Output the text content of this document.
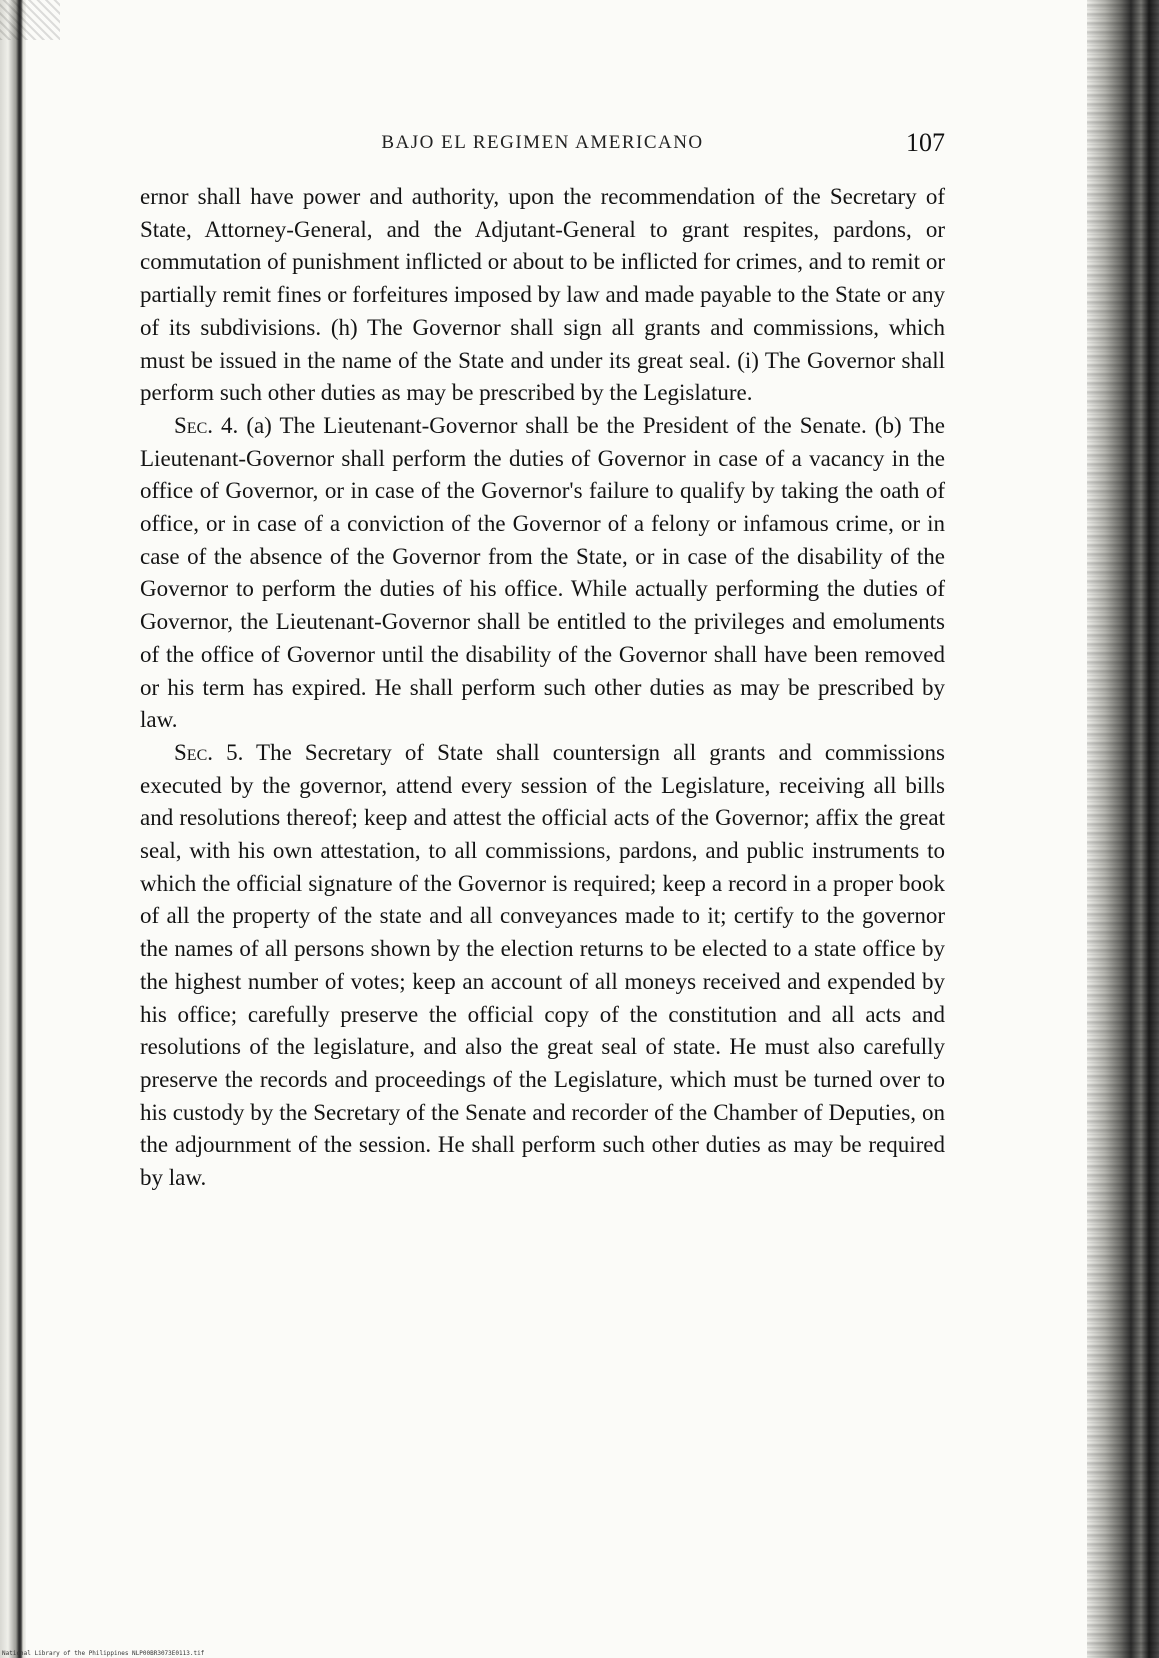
BAJO EL REGIMEN AMERICANO	107

ernor shall have power and authority, upon the recommendation of the Secretary of State, Attorney-General, and the Adjutant-General to grant respites, pardons, or commutation of punishment inflicted or about to be inflicted for crimes, and to remit or partially remit fines or forfeitures imposed by law and made payable to the State or any of its subdivisions. (h) The Governor shall sign all grants and commissions, which must be issued in the name of the State and under its great seal. (i) The Governor shall perform such other duties as may be prescribed by the Legislature.

Sec. 4. (a) The Lieutenant-Governor shall be the President of the Senate. (b) The Lieutenant-Governor shall perform the duties of Governor in case of a vacancy in the office of Governor, or in case of the Governor's failure to qualify by taking the oath of office, or in case of a conviction of the Governor of a felony or infamous crime, or in case of the absence of the Governor from the State, or in case of the disability of the Governor to perform the duties of his office. While actually performing the duties of Governor, the Lieutenant-Governor shall be entitled to the privileges and emoluments of the office of Governor until the disability of the Governor shall have been removed or his term has expired. He shall perform such other duties as may be prescribed by law.

Sec. 5. The Secretary of State shall countersign all grants and commissions executed by the governor, attend every session of the Legislature, receiving all bills and resolutions thereof; keep and attest the official acts of the Governor; affix the great seal, with his own attestation, to all commissions, pardons, and public instruments to which the official signature of the Governor is required; keep a record in a proper book of all the property of the state and all conveyances made to it; certify to the governor the names of all persons shown by the election returns to be elected to a state office by the highest number of votes; keep an account of all moneys received and expended by his office; carefully preserve the official copy of the constitution and all acts and resolutions of the legislature, and also the great seal of state. He must also carefully preserve the records and proceedings of the Legislature, which must be turned over to his custody by the Secretary of the Senate and recorder of the Chamber of Deputies, on the adjournment of the session. He shall perform such other duties as may be required by law.

National Library of the Philippines NLP00BR3073E0113.tif
